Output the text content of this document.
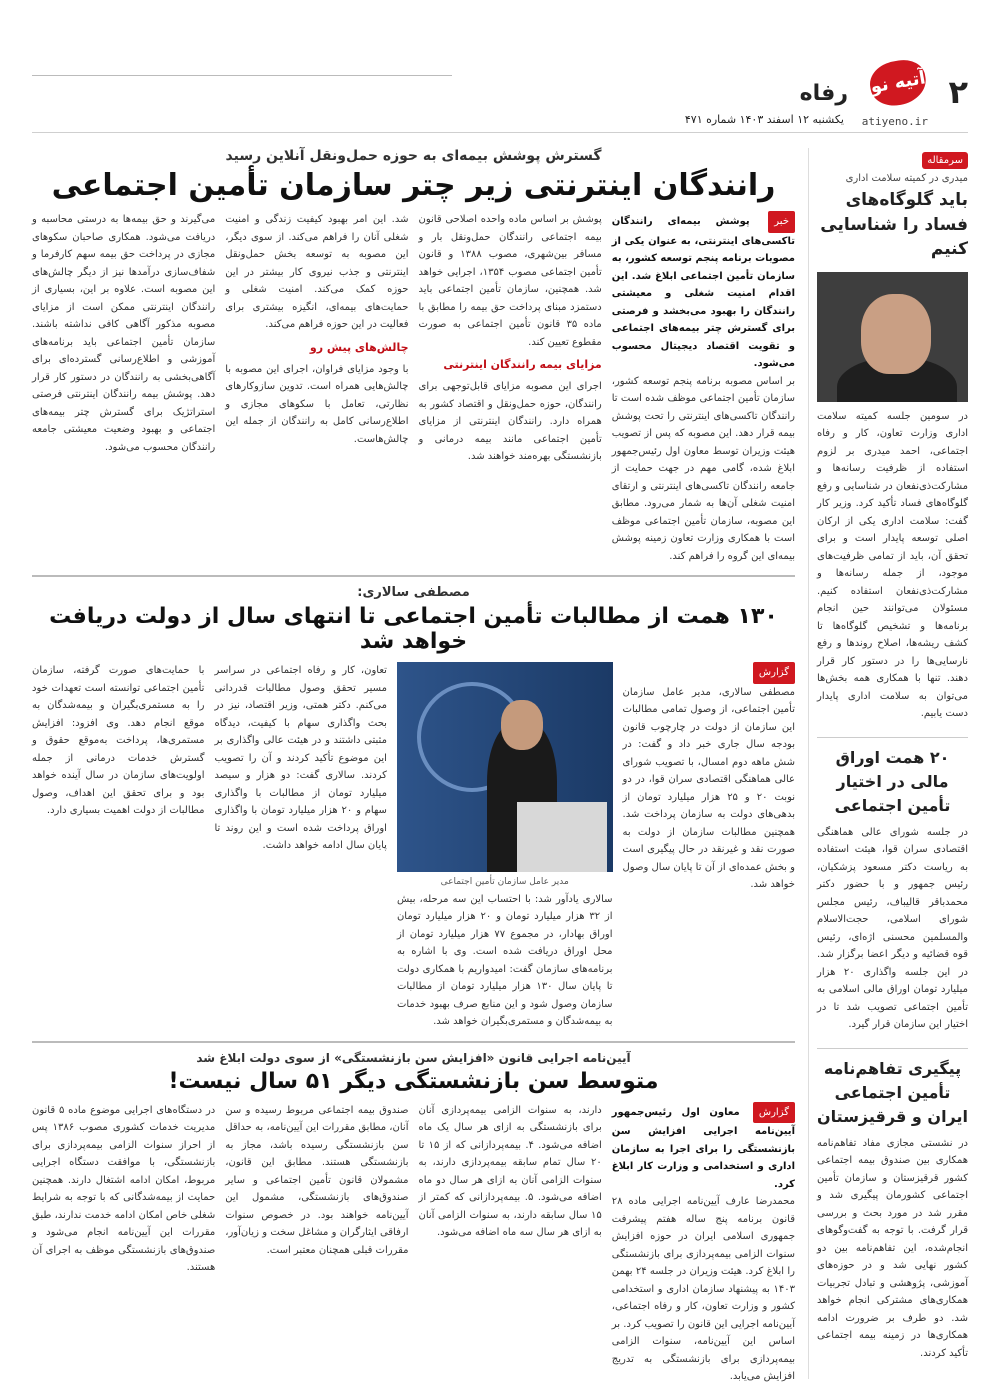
۲
آتیه نو
atiyeno.ir
رفاه
یکشنبه ۱۲ اسفند ۱۴۰۳ شماره ۴۷۱
سرمقاله
میدری در کمیته سلامت اداری
باید گلوگاه‌های فساد را شناسایی کنیم

در سومین جلسه کمیته سلامت اداری وزارت تعاون، کار و رفاه اجتماعی، احمد میدری بر لزوم استفاده از ظرفیت رسانه‌ها و مشارکت‌ذی‌نفعان در شناسایی و رفع گلوگاه‌های فساد تأکید کرد. وزیر کار گفت: سلامت اداری یکی از ارکان اصلی توسعه پایدار است و برای تحقق آن، باید از تمامی ظرفیت‌های موجود، از جمله رسانه‌ها و مشارکت‌ذی‌نفعان استفاده کنیم. مسئولان می‌توانند حین انجام برنامه‌ها و تشخیص گلوگاه‌ها تا کشف ریشه‌ها، اصلاح روندها و رفع نارسایی‌ها را در دستور کار قرار دهند. تنها با همکاری همه بخش‌ها می‌توان به سلامت اداری پایدار دست یابیم.

۲۰ همت اوراق مالی در اختیار تأمین اجتماعی

در جلسه شورای عالی هماهنگی اقتصادی سران قوا، هیئت استفاده به ریاست دکتر مسعود پزشکیان، رئیس جمهور و با حضور دکتر محمدباقر قالیباف، رئیس مجلس شورای اسلامی، حجت‌الاسلام والمسلمین محسنی اژه‌ای، رئیس قوه قضائیه و دیگر اعضا برگزار شد. در این جلسه واگذاری ۲۰ هزار میلیارد تومان اوراق مالی اسلامی به تأمین اجتماعی تصویب شد تا در اختیار این سازمان قرار گیرد.

پیگیری تفاهم‌نامه تأمین اجتماعی ایران و قرقیزستان

در نشستی مجازی مفاد تفاهم‌نامه همکاری بین صندوق بیمه اجتماعی کشور قرقیزستان و سازمان تأمین اجتماعی کشورمان پیگیری شد و مقرر شد در مورد بحث و بررسی قرار گرفت. با توجه به گفت‌وگوهای انجام‌شده، این تفاهم‌نامه بین دو کشور نهایی شد و در حوزه‌های آموزشی، پژوهشی و تبادل تجربیات همکاری‌های مشترکی انجام خواهد شد. دو طرف بر ضرورت ادامه همکاری‌ها در زمینه بیمه اجتماعی تأکید کردند.

گسترش پوشش بیمه‌ای به حوزه حمل‌ونقل آنلاین رسید
رانندگان اینترنتی زیر چتر سازمان تأمین اجتماعی
خبر پوشش بیمه‌ای رانندگان تاکسی‌های اینترنتی، به عنوان یکی از مصوبات برنامه پنجم توسعه کشور، به سازمان تأمین اجتماعی ابلاغ شد. این اقدام امنیت شغلی و معیشتی رانندگان را بهبود می‌بخشد و فرصتی برای گسترش چتر بیمه‌های اجتماعی و تقویت اقتصاد دیجیتال محسوب می‌شود.

بر اساس مصوبه برنامه پنجم توسعه کشور، سازمان تأمین اجتماعی موظف شده است تا رانندگان تاکسی‌های اینترنتی را تحت پوشش بیمه قرار دهد. این مصوبه که پس از تصویب هیئت وزیران توسط معاون اول رئیس‌جمهور ابلاغ شده، گامی مهم در جهت حمایت از جامعه رانندگان تاکسی‌های اینترنتی و ارتقای امنیت شغلی آن‌ها به شمار می‌رود. مطابق این مصوبه، سازمان تأمین اجتماعی موظف است با همکاری وزارت تعاون زمینه پوشش بیمه‌ای این گروه را فراهم کند.

پوشش بر اساس ماده واحده اصلاحی قانون بیمه اجتماعی رانندگان حمل‌ونقل بار و مسافر بین‌شهری، مصوب ۱۳۸۸ و قانون تأمین اجتماعی مصوب ۱۳۵۴، اجرایی خواهد شد. همچنین، سازمان تأمین اجتماعی باید دستمزد مبنای پرداخت حق بیمه را مطابق با ماده ۳۵ قانون تأمین اجتماعی به صورت مقطوع تعیین کند.

مزایای بیمه رانندگان اینترنتی

اجرای این مصوبه مزایای قابل‌توجهی برای رانندگان، حوزه حمل‌ونقل و اقتصاد کشور به همراه دارد. رانندگان اینترنتی از مزایای تأمین اجتماعی مانند بیمه درمانی و بازنشستگی بهره‌مند خواهند شد.

شد. این امر بهبود کیفیت زندگی و امنیت شغلی آنان را فراهم می‌کند. از سوی دیگر، این مصوبه به توسعه بخش حمل‌ونقل اینترنتی و جذب نیروی کار بیشتر در این حوزه کمک می‌کند. امنیت شغلی و حمایت‌های بیمه‌ای، انگیزه بیشتری برای فعالیت در این حوزه فراهم می‌کند.

چالش‌های پیش رو

با وجود مزایای فراوان، اجرای این مصوبه با چالش‌هایی همراه است. تدوین سازوکارهای نظارتی، تعامل با سکوهای مجازی و اطلاع‌رسانی کامل به رانندگان از جمله این چالش‌هاست.

می‌گیرند و حق بیمه‌ها به درستی محاسبه و دریافت می‌شود. همکاری صاحبان سکوهای مجازی در پرداخت حق بیمه سهم کارفرما و شفاف‌سازی درآمدها نیز از دیگر چالش‌های این مصوبه است. علاوه بر این، بسیاری از رانندگان اینترنتی ممکن است از مزایای مصوبه مذکور آگاهی کافی نداشته باشند. سازمان تأمین اجتماعی باید برنامه‌های آموزشی و اطلاع‌رسانی گسترده‌ای برای آگاهی‌بخشی به رانندگان در دستور کار قرار دهد. پوشش بیمه رانندگان اینترنتی فرصتی استراتژیک برای گسترش چتر بیمه‌های اجتماعی و بهبود وضعیت معیشتی جامعه رانندگان محسوب می‌شود.

مصطفی سالاری:
۱۳۰ همت از مطالبات تأمین اجتماعی تا انتهای سال از دولت دریافت خواهد شد
گزارش

مصطفی سالاری، مدیر عامل سازمان تأمین اجتماعی، از وصول تمامی مطالبات این سازمان از دولت در چارچوب قانون بودجه سال جاری خبر داد و گفت: در شش ماهه دوم امسال، با تصویب شورای عالی هماهنگی اقتصادی سران قوا، در دو نوبت ۲۰ و ۲۵ هزار میلیارد تومان از بدهی‌های دولت به سازمان پرداخت شد. همچنین مطالبات سازمان از دولت به صورت نقد و غیرنقد در حال پیگیری است و بخش عمده‌ای از آن تا پایان سال وصول خواهد شد.

مدیر عامل سازمان تأمین اجتماعی

سالاری یادآور شد: با احتساب این سه مرحله، بیش از ۳۲ هزار میلیارد تومان و ۲۰ هزار میلیارد تومان اوراق بهادار، در مجموع ۷۷ هزار میلیارد تومان از محل اوراق دریافت شده است. وی با اشاره به برنامه‌های سازمان گفت: امیدواریم با همکاری دولت تا پایان سال ۱۳۰ هزار میلیارد تومان از مطالبات سازمان وصول شود و این منابع صرف بهبود خدمات به بیمه‌شدگان و مستمری‌بگیران خواهد شد.

تعاون، کار و رفاه اجتماعی در سراسر مسیر تحقق وصول مطالبات قدردانی می‌کنم. دکتر همتی، وزیر اقتصاد، نیز در بحث واگذاری سهام با کیفیت، دیدگاه مثبتی داشتند و در هیئت عالی واگذاری بر این موضوع تأکید کردند و آن را تصویب کردند. سالاری گفت: دو هزار و سیصد میلیارد تومان از مطالبات با واگذاری سهام و ۲۰ هزار میلیارد تومان با واگذاری اوراق پرداخت شده است و این روند تا پایان سال ادامه خواهد داشت.

با حمایت‌های صورت گرفته، سازمان تأمین اجتماعی توانسته است تعهدات خود را به مستمری‌بگیران و بیمه‌شدگان به موقع انجام دهد. وی افزود: افزایش مستمری‌ها، پرداخت به‌موقع حقوق و گسترش خدمات درمانی از جمله اولویت‌های سازمان در سال آینده خواهد بود و برای تحقق این اهداف، وصول مطالبات از دولت اهمیت بسیاری دارد.

آیین‌نامه اجرایی قانون «افزایش سن بازنشستگی» از سوی دولت ابلاغ شد
متوسط سن بازنشستگی دیگر ۵۱ سال نیست!
گزارش معاون اول رئیس‌جمهور آیین‌نامه اجرایی افزایش سن بازنشستگی را برای اجرا به سازمان اداری و استخدامی و وزارت کار ابلاغ کرد.

محمدرضا عارف آیین‌نامه اجرایی ماده ۲۸ قانون برنامه پنج ساله هفتم پیشرفت جمهوری اسلامی ایران در حوزه افزایش سنوات الزامی بیمه‌پردازی برای بازنشستگی را ابلاغ کرد. هیئت وزیران در جلسه ۲۴ بهمن ۱۴۰۳ به پیشنهاد سازمان اداری و استخدامی کشور و وزارت تعاون، کار و رفاه اجتماعی، آیین‌نامه اجرایی این قانون را تصویب کرد. بر اساس این آیین‌نامه، سنوات الزامی بیمه‌پردازی برای بازنشستگی به تدریج افزایش می‌یابد.

دارند، به سنوات الزامی بیمه‌پردازی آنان برای بازنشستگی به ازای هر سال یک ماه اضافه می‌شود. ۴. بیمه‌پردازانی که از ۱۵ تا ۲۰ سال تمام سابقه بیمه‌پردازی دارند، به سنوات الزامی آنان به ازای هر سال دو ماه اضافه می‌شود. ۵. بیمه‌پردازانی که کمتر از ۱۵ سال سابقه دارند، به سنوات الزامی آنان به ازای هر سال سه ماه اضافه می‌شود.

صندوق بیمه اجتماعی مربوط رسیده و سن آنان، مطابق مقررات این آیین‌نامه، به حداقل سن بازنشستگی رسیده باشد، مجاز به بازنشستگی هستند. مطابق این قانون، مشمولان قانون تأمین اجتماعی و سایر صندوق‌های بازنشستگی، مشمول این آیین‌نامه خواهند بود. در خصوص سنوات ارفاقی ایثارگران و مشاغل سخت و زیان‌آور، مقررات قبلی همچنان معتبر است.

در دستگاه‌های اجرایی موضوع ماده ۵ قانون مدیریت خدمات کشوری مصوب ۱۳۸۶ پس از احراز سنوات الزامی بیمه‌پردازی برای بازنشستگی، با موافقت دستگاه اجرایی مربوط، امکان ادامه اشتغال دارند. همچنین حمایت از بیمه‌شدگانی که با توجه به شرایط شغلی خاص امکان ادامه خدمت ندارند، طبق مقررات این آیین‌نامه انجام می‌شود و صندوق‌های بازنشستگی موظف به اجرای آن هستند.
